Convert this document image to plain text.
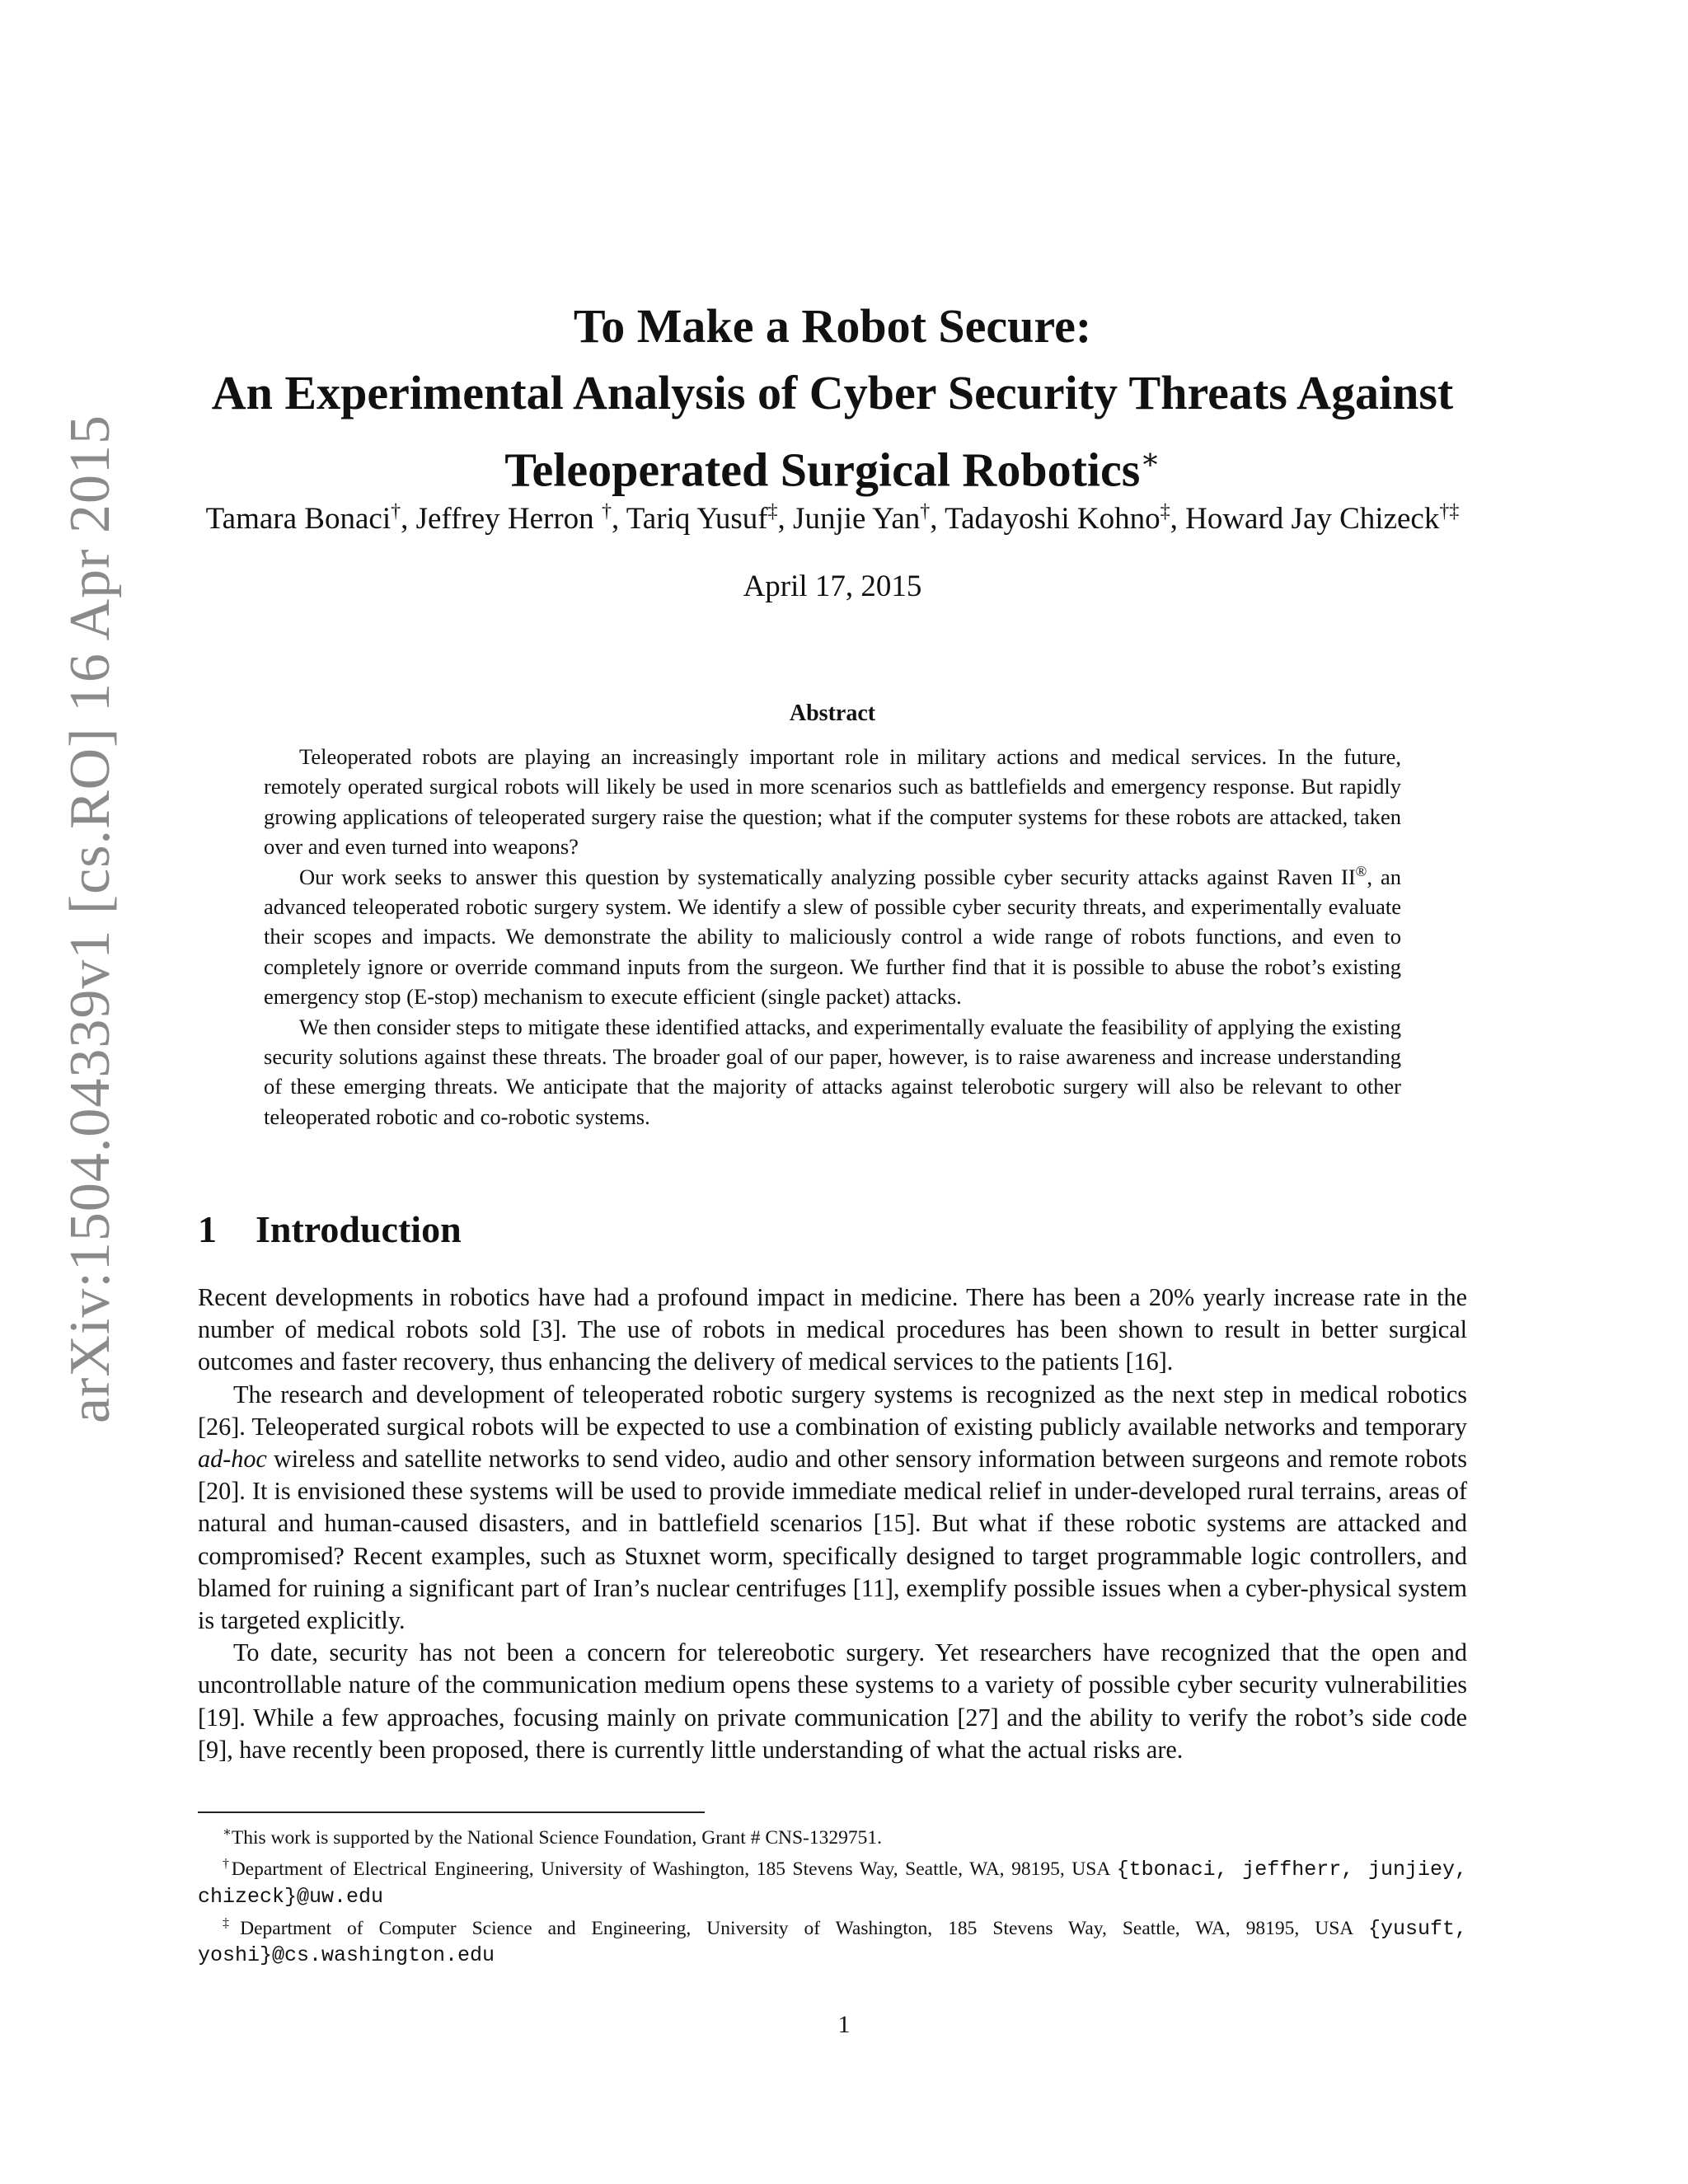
arXiv:1504.04339v1 [cs.RO] 16 Apr 2015
To Make a Robot Secure:
An Experimental Analysis of Cyber Security Threats Against
Teleoperated Surgical Robotics∗
Tamara Bonaci†, Jeffrey Herron †, Tariq Yusuf‡, Junjie Yan†, Tadayoshi Kohno‡, Howard Jay Chizeck†‡
April 17, 2015
Abstract

Teleoperated robots are playing an increasingly important role in military actions and medical services. In the future, remotely operated surgical robots will likely be used in more scenarios such as battlefields and emergency response. But rapidly growing applications of teleoperated surgery raise the question; what if the computer systems for these robots are attacked, taken over and even turned into weapons?

Our work seeks to answer this question by systematically analyzing possible cyber security attacks against Raven II®, an advanced teleoperated robotic surgery system. We identify a slew of possible cyber security threats, and experimentally evaluate their scopes and impacts. We demonstrate the ability to maliciously control a wide range of robots functions, and even to completely ignore or override command inputs from the surgeon. We further find that it is possible to abuse the robot’s existing emergency stop (E-stop) mechanism to execute efficient (single packet) attacks.

We then consider steps to mitigate these identified attacks, and experimentally evaluate the feasibility of applying the existing security solutions against these threats. The broader goal of our paper, however, is to raise awareness and increase understanding of these emerging threats. We anticipate that the majority of attacks against telerobotic surgery will also be relevant to other teleoperated robotic and co-robotic systems.

1 Introduction

Recent developments in robotics have had a profound impact in medicine. There has been a 20% yearly increase rate in the number of medical robots sold [3]. The use of robots in medical procedures has been shown to result in better surgical outcomes and faster recovery, thus enhancing the delivery of medical services to the patients [16].

The research and development of teleoperated robotic surgery systems is recognized as the next step in medical robotics [26]. Teleoperated surgical robots will be expected to use a combination of existing publicly available networks and temporary ad-hoc wireless and satellite networks to send video, audio and other sensory information between surgeons and remote robots [20]. It is envisioned these systems will be used to provide immediate medical relief in under-developed rural terrains, areas of natural and human-caused disasters, and in battlefield scenarios [15]. But what if these robotic systems are attacked and compromised? Recent examples, such as Stuxnet worm, specifically designed to target programmable logic controllers, and blamed for ruining a significant part of Iran’s nuclear centrifuges [11], exemplify possible issues when a cyber-physical system is targeted explicitly.

To date, security has not been a concern for telereobotic surgery. Yet researchers have recognized that the open and uncontrollable nature of the communication medium opens these systems to a variety of possible cyber security vulnerabilities [19]. While a few approaches, focusing mainly on private communication [27] and the ability to verify the robot’s side code [9], have recently been proposed, there is currently little understanding of what the actual risks are.

∗This work is supported by the National Science Foundation, Grant # CNS-1329751.

†Department of Electrical Engineering, University of Washington, 185 Stevens Way, Seattle, WA, 98195, USA {tbonaci, jeffherr, junjiey, chizeck}@uw.edu

‡Department of Computer Science and Engineering, University of Washington, 185 Stevens Way, Seattle, WA, 98195, USA {yusuft, yoshi}@cs.washington.edu

1
